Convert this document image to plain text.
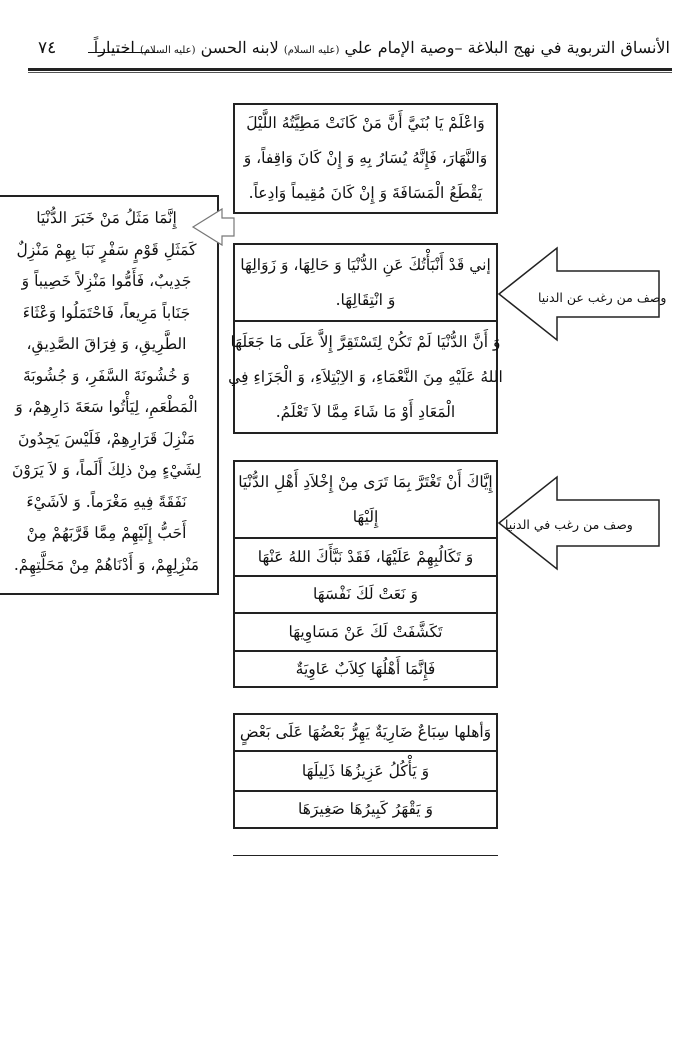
الأنساق التربوية في نهج البلاغة –وصية الإمام علي (عليه السلام) لابنه الحسن (عليه السلام) اختياراً
٧٤
وَاعْلَمْ يَا بُنَيَّ أَنَّ مَنْ كَانَتْ مَطِيَّتُهُ اللَّيْلَ
وَالنَّهَارَ، فَإِنَّهُ يُسَارُ بِهِ وَ إِنْ كَانَ وَاقِفاً، وَ
يَقْطَعُ الْمَسَافَةَ وَ إِنْ كَانَ مُقِيماً وَادِعاً.
إِنَّمَا مَثَلُ مَنْ خَبَرَ الدُّنْيَا
كَمَثَلِ قَوْمٍ سَفْرٍ نَبَا بِهِمْ مَنْزِلٌ
جَدِيبٌ، فَأَمُّوا مَنْزِلاً خَصِيباً وَ
جَنَاباً مَرِيعاً، فَاحْتَمَلُوا وَعْثَاءَ
الطَّرِيقِ، وَ فِرَاقَ الصَّدِيقِ،
وَ خُشُونَةَ السَّفَرِ، وَ جُشُوبَةَ
الْمَطْعَمِ، لِيَأْتُوا سَعَةَ دَارِهِمْ، وَ
مَنْزِلَ قَرَارِهِمْ، فَلَيْسَ يَجِدُونَ
لِشَيْءٍ مِنْ ذلِكَ أَلَماً، وَ لاَ يَرَوْنَ
نَفَقَةً فِيهِ مَغْرَماً. وَ لاَشَيْءَ
أَحَبُّ إِلَيْهِمْ مِمَّا قَرَّبَهُمْ مِنْ
مَنْزِلِهِمْ، وَ أَدْنَاهُمْ مِنْ مَحَلَّتِهِمْ.
إني قَدْ أَنْبَأْتُكَ عَنِ الدُّنْيَا وَ حَالِهَا، وَ زَوَالِهَا
وَ انْتِقَالِهَا.
وَ أَنَّ الدُّنْيَا لَمْ تَكُنْ لِتَسْتَقِرَّ إِلاَّ عَلَى مَا جَعَلَهَا
اللهُ عَلَيْهِ مِنَ النَّعْمَاءِ، وَ الاِبْتِلاَءِ، وَ الْجَزَاءِ فِي
الْمَعَادِ أَوْ مَا شَاءَ مِمَّا لاَ تَعْلَمُ.
وصف من رغب عن الدنيا
إِيَّاكَ أَنْ تَغْتَرَّ بِمَا تَرَى مِنْ إِخْلاَدِ أَهْلِ الدُّنْيَا
إِلَيْهَا
وَ تَكَالُبِهِمْ عَلَيْهَا، فَقَدْ نَبَّأَكَ اللهُ عَنْهَا
وَ نَعَتْ لَكَ نَفْسَهَا
تَكَشَّفَتْ لَكَ عَنْ مَسَاوِيهَا
فَإِنَّمَا أَهْلُهَا كِلاَبٌ عَاوِيَةٌ
وصف من رغب في الدنيا
وَأهلها سِبَاعٌ ضَارِيَةٌ يَهِرُّ بَعْضُهَا عَلَى بَعْضٍ
وَ يَأْكُلُ عَزِيزُهَا ذَلِيلَهَا
وَ يَقْهَرُ كَبِيرُهَا صَغِيرَهَا
